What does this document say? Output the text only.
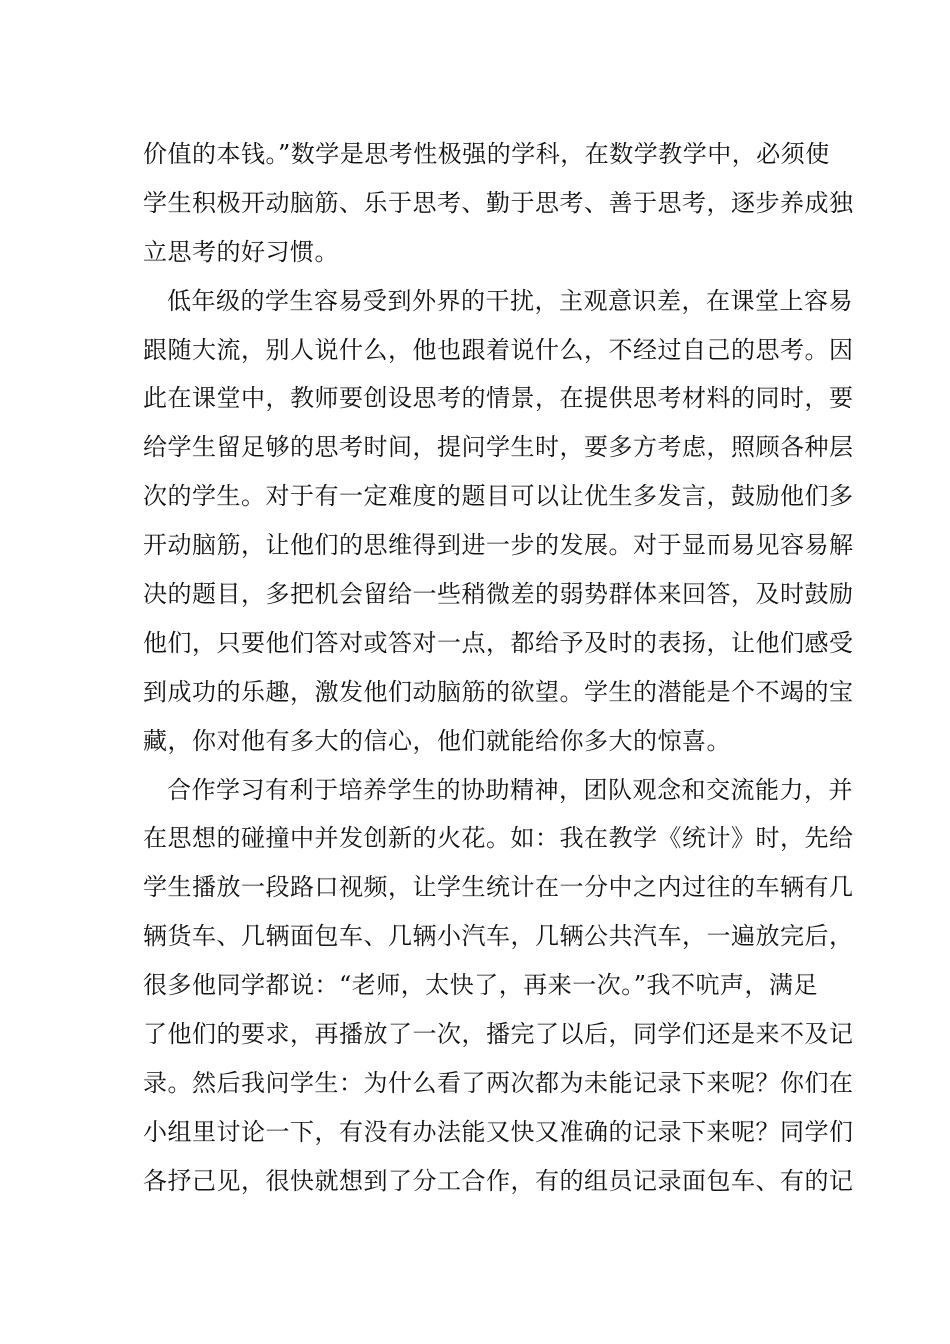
价值的本钱。”数学是思考性极强的学科，在数学教学中，必须使
学生积极开动脑筋、乐于思考、勤于思考、善于思考，逐步养成独
立思考的好习惯。
低年级的学生容易受到外界的干扰，主观意识差，在课堂上容易
跟随大流，别人说什么，他也跟着说什么，不经过自己的思考。因
此在课堂中，教师要创设思考的情景，在提供思考材料的同时，要
给学生留足够的思考时间，提问学生时，要多方考虑，照顾各种层
次的学生。对于有一定难度的题目可以让优生多发言，鼓励他们多
开动脑筋，让他们的思维得到进一步的发展。对于显而易见容易解
决的题目，多把机会留给一些稍微差的弱势群体来回答，及时鼓励
他们，只要他们答对或答对一点，都给予及时的表扬，让他们感受
到成功的乐趣，激发他们动脑筋的欲望。学生的潜能是个不竭的宝
藏，你对他有多大的信心，他们就能给你多大的惊喜。
合作学习有利于培养学生的协助精神，团队观念和交流能力，并
在思想的碰撞中并发创新的火花。如：我在教学《统计》时，先给
学生播放一段路口视频，让学生统计在一分中之内过往的车辆有几
辆货车、几辆面包车、几辆小汽车，几辆公共汽车，一遍放完后，
很多他同学都说：“老师，太快了，再来一次。”我不吭声，满足
了他们的要求，再播放了一次，播完了以后，同学们还是来不及记
录。然后我问学生：为什么看了两次都为未能记录下来呢？你们在
小组里讨论一下，有没有办法能又快又准确的记录下来呢？同学们
各抒己见，很快就想到了分工合作，有的组员记录面包车、有的记
